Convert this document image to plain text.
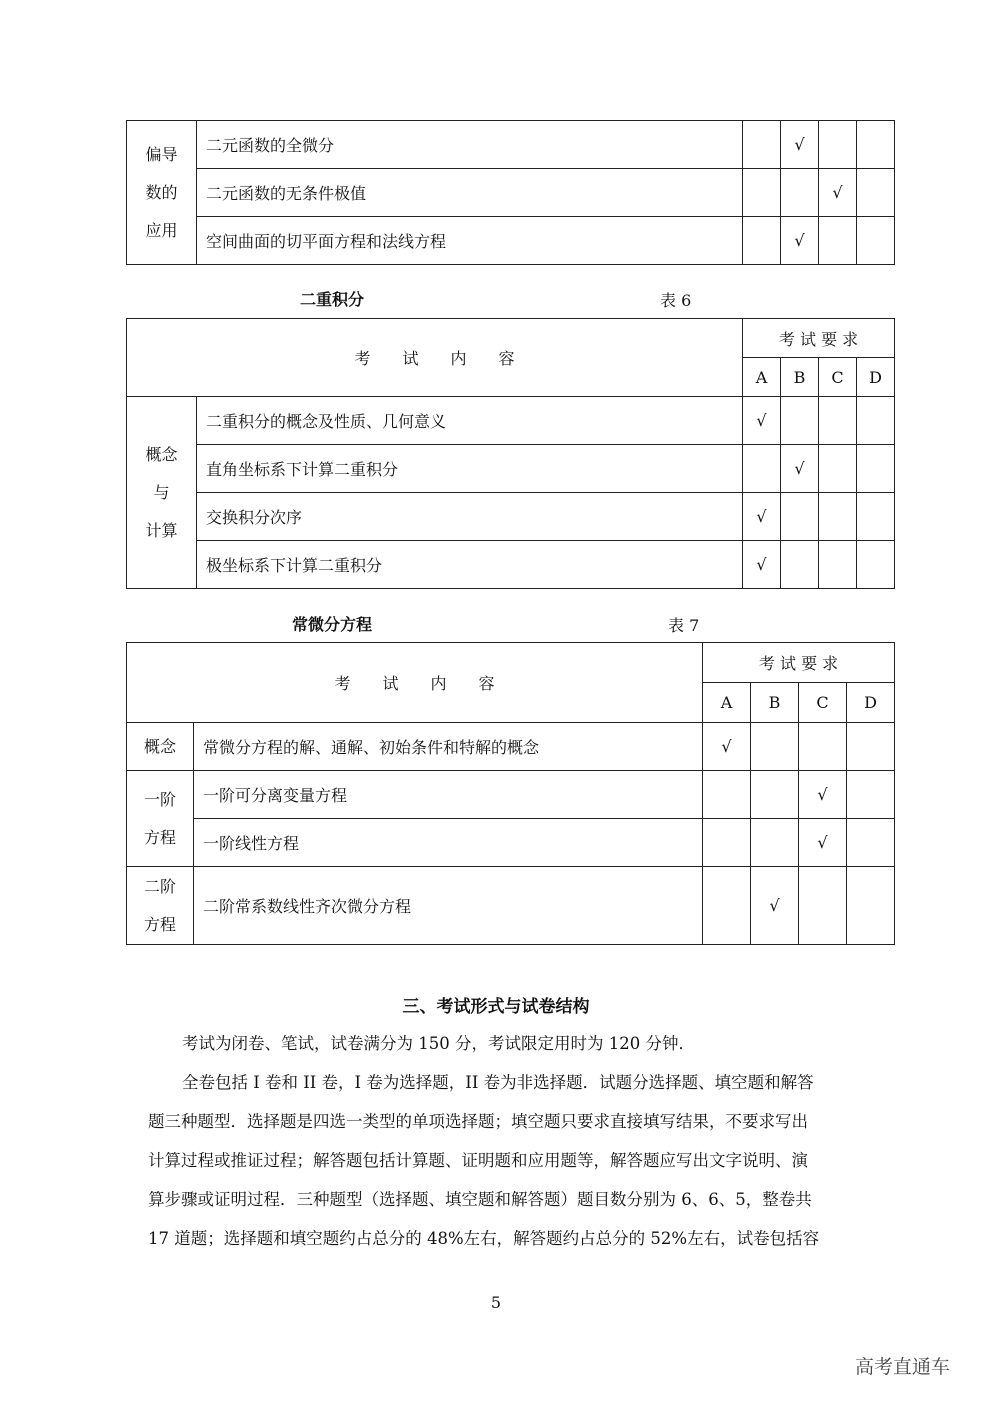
偏导
数的
应用	二元函数的全微分		√		
	二元函数的无条件极值			√	
	空间曲面的切平面方程和法线方程		√		
二重积分	表 6
考　　试　　内　　容		考 试 要 求			
		A	B	C	D

概念
与
计算	二重积分的概念及性质、几何意义	√			
	直角坐标系下计算二重积分		√		
	交换积分次序	√			
	极坐标系下计算二重积分	√			
常微分方程	表 7
考　　试　　内　　容		考 试 要 求			
		A	B	C	D

概念	常微分方程的解、通解、初始条件和特解的概念	√			

一阶
方程	一阶可分离变量方程			√	
	一阶线性方程			√	

二阶
方程	二阶常系数线性齐次微分方程		√		
三、考试形式与试卷结构
考试为闭卷、笔试，试卷满分为 150 分，考试限定用时为 120 分钟．
全卷包括 I 卷和 II 卷，I 卷为选择题，II 卷为非选择题．试题分选择题、填空题和解答
题三种题型．选择题是四选一类型的单项选择题；填空题只要求直接填写结果，不要求写出
计算过程或推证过程；解答题包括计算题、证明题和应用题等，解答题应写出文字说明、演
算步骤或证明过程．三种题型（选择题、填空题和解答题）题目数分别为 6、6、5，整卷共
17 道题；选择题和填空题约占总分的 48%左右，解答题约占总分的 52%左右，试卷包括容
5
高考直通车
